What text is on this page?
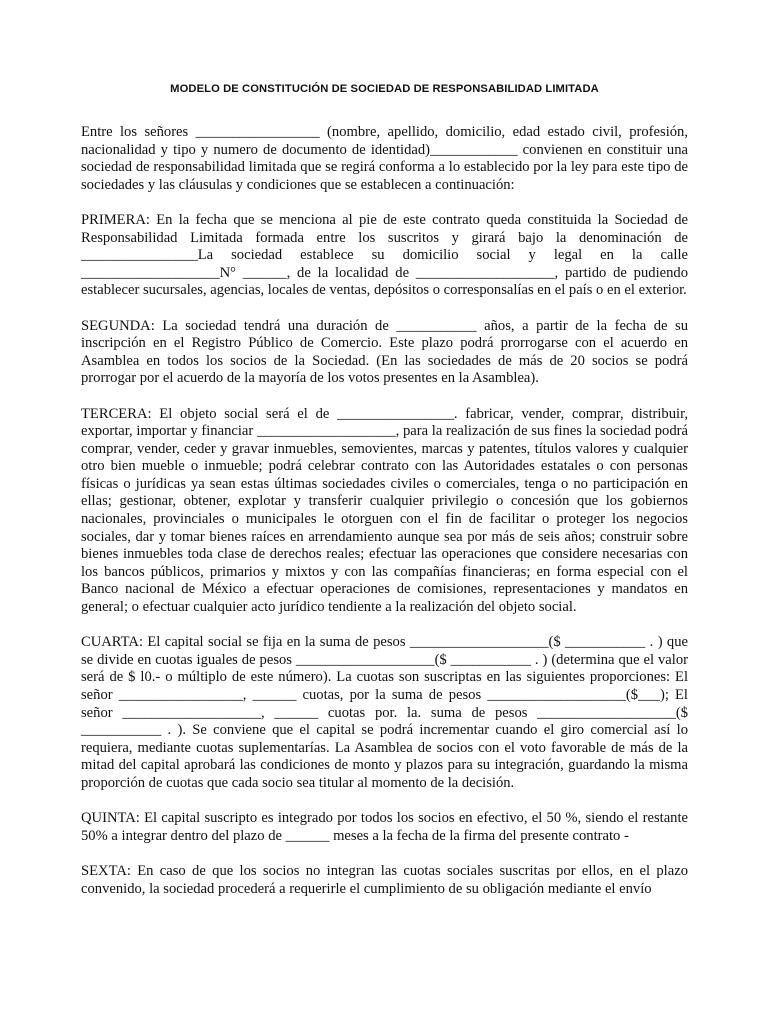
MODELO DE CONSTITUCIÓN DE SOCIEDAD DE RESPONSABILIDAD LIMITADA

Entre los señores _________________ (nombre, apellido, domicilio, edad estado civil, profesión, nacionalidad y tipo y numero de documento de identidad)____________ convienen en constituir una sociedad de responsabilidad limitada que se regirá conforma a lo establecido por la ley para este tipo de sociedades y las cláusulas y condiciones que se establecen a continuación:

PRIMERA: En la fecha que se menciona al pie de este contrato queda constituida la Sociedad de Responsabilidad Limitada formada entre los suscritos y girará bajo la denominación de ________________La sociedad establece su domicilio social y legal en la calle ___________________N° ______, de la localidad de ___________________, partido de pudiendo establecer sucursales, agencias, locales de ventas, depósitos o corresponsalías en el país o en el exterior.

SEGUNDA: La sociedad tendrá una duración de ___________ años, a partir de la fecha de su inscripción en el Registro Público de Comercio. Este plazo podrá prorrogarse con el acuerdo en Asamblea en todos los socios de la Sociedad. (En las sociedades de más de 20 socios se podrá prorrogar por el acuerdo de la mayoría de los votos presentes en la Asamblea).

TERCERA: El objeto social será el de ________________. fabricar, vender, comprar, distribuir, exportar, importar y financiar ___________________, para la realización de sus fines la sociedad podrá comprar, vender, ceder y gravar inmuebles, semovientes, marcas y patentes, títulos valores y cualquier otro bien mueble o inmueble; podrá celebrar contrato con las Autoridades estatales o con personas físicas o jurídicas ya sean estas últimas sociedades civiles o comerciales, tenga o no participación en ellas; gestionar, obtener, explotar y transferir cualquier privilegio o concesión que los gobiernos nacionales, provinciales o municipales le otorguen con el fin de facilitar o proteger los negocios sociales, dar y tomar bienes raíces en arrendamiento aunque sea por más de seis años; construir sobre bienes inmuebles toda clase de derechos reales; efectuar las operaciones que considere necesarias con los bancos públicos, primarios y mixtos y con las compañías financieras; en forma especial con el Banco nacional de México a efectuar operaciones de comisiones, representaciones y mandatos en general; o efectuar cualquier acto jurídico tendiente a la realización del objeto social.

CUARTA: El capital social se fija en la suma de pesos ___________________($ ___________ . ) que se divide en cuotas iguales de pesos ___________________($ ___________ . ) (determina que el valor será de $ l0.- o múltiplo de este número). La cuotas son suscriptas en las siguientes proporciones: El señor _________________, ______ cuotas, por la suma de pesos ___________________($___); El señor ___________________, ______ cuotas por. la. suma de pesos ___________________($ ___________ . ). Se conviene que el capital se podrá incrementar cuando el giro comercial así lo requiera, mediante cuotas suplementarías. La Asamblea de socios con el voto favorable de más de la mitad del capital aprobará las condiciones de monto y plazos para su integración, guardando la misma proporción de cuotas que cada socio sea titular al momento de la decisión.

QUINTA: El capital suscripto es integrado por todos los socios en efectivo, el 50 %, siendo el restante 50% a integrar dentro del plazo de ______ meses a la fecha de la firma del presente contrato -

SEXTA: En caso de que los socios no integran las cuotas sociales suscritas por ellos, en el plazo convenido, la sociedad procederá a requerirle el cumplimiento de su obligación mediante el envío
